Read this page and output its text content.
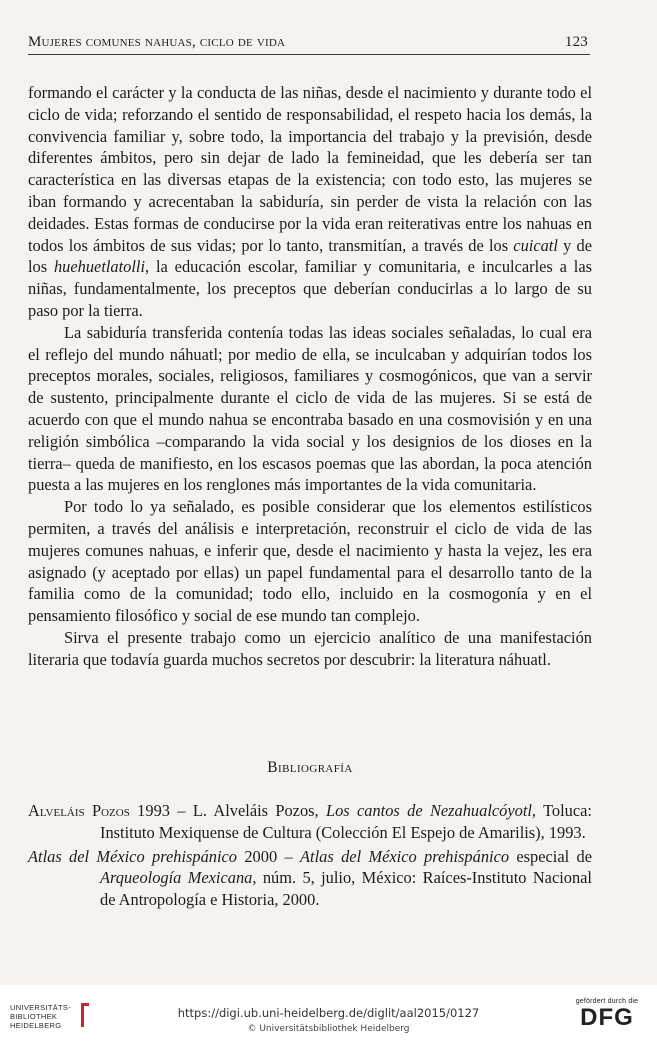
Mujeres comunes nahuas, ciclo de vida	123

formando el carácter y la conducta de las niñas, desde el nacimiento y durante todo el ciclo de vida; reforzando el sentido de responsabilidad, el respeto hacia los demás, la convivencia familiar y, sobre todo, la importancia del trabajo y la previsión, desde diferentes ámbitos, pero sin dejar de lado la femineidad, que les debería ser tan característica en las diversas etapas de la existencia; con todo esto, las mujeres se iban formando y acrecentaban la sabiduría, sin perder de vista la relación con las deidades. Estas formas de conducirse por la vida eran reiterativas entre los nahuas en todos los ámbitos de sus vidas; por lo tanto, transmitían, a través de los cuicatl y de los huehuetlatolli, la educación escolar, familiar y comunitaria, e inculcarles a las niñas, fundamentalmente, los preceptos que deberían conducirlas a lo largo de su paso por la tierra.

La sabiduría transferida contenía todas las ideas sociales señaladas, lo cual era el reflejo del mundo náhuatl; por medio de ella, se inculcaban y adquirían todos los preceptos morales, sociales, religiosos, familiares y cosmogónicos, que van a servir de sustento, principalmente durante el ciclo de vida de las mujeres. Si se está de acuerdo con que el mundo nahua se encontraba basado en una cosmovisión y en una religión simbólica –comparando la vida social y los designios de los dioses en la tierra– queda de manifiesto, en los escasos poemas que las abordan, la poca atención puesta a las mujeres en los renglones más importantes de la vida comunitaria.

Por todo lo ya señalado, es posible considerar que los elementos estilísticos permiten, a través del análisis e interpretación, reconstruir el ciclo de vida de las mujeres comunes nahuas, e inferir que, desde el nacimiento y hasta la vejez, les era asignado (y aceptado por ellas) un papel fundamental para el desarrollo tanto de la familia como de la comunidad; todo ello, incluido en la cosmogonía y en el pensamiento filosófico y social de ese mundo tan complejo.

Sirva el presente trabajo como un ejercicio analítico de una manifestación literaria que todavía guarda muchos secretos por descubrir: la literatura náhuatl.

Bibliografía

Alveláis Pozos 1993 – L. Alveláis Pozos, Los cantos de Nezahualcóyotl, Toluca: Instituto Mexiquense de Cultura (Colección El Espejo de Amarilis), 1993.

Atlas del México prehispánico 2000 – Atlas del México prehispánico especial de Arqueología Mexicana, núm. 5, julio, México: Raíces-Instituto Nacional de Antropología e Historia, 2000.

UNIVERSITÄTS-
BIBLIOTHEK
HEIDELBERG
https://digi.ub.uni-heidelberg.de/diglit/aal2015/0127
© Universitätsbibliothek Heidelberg
gefördert durch die
DFG
